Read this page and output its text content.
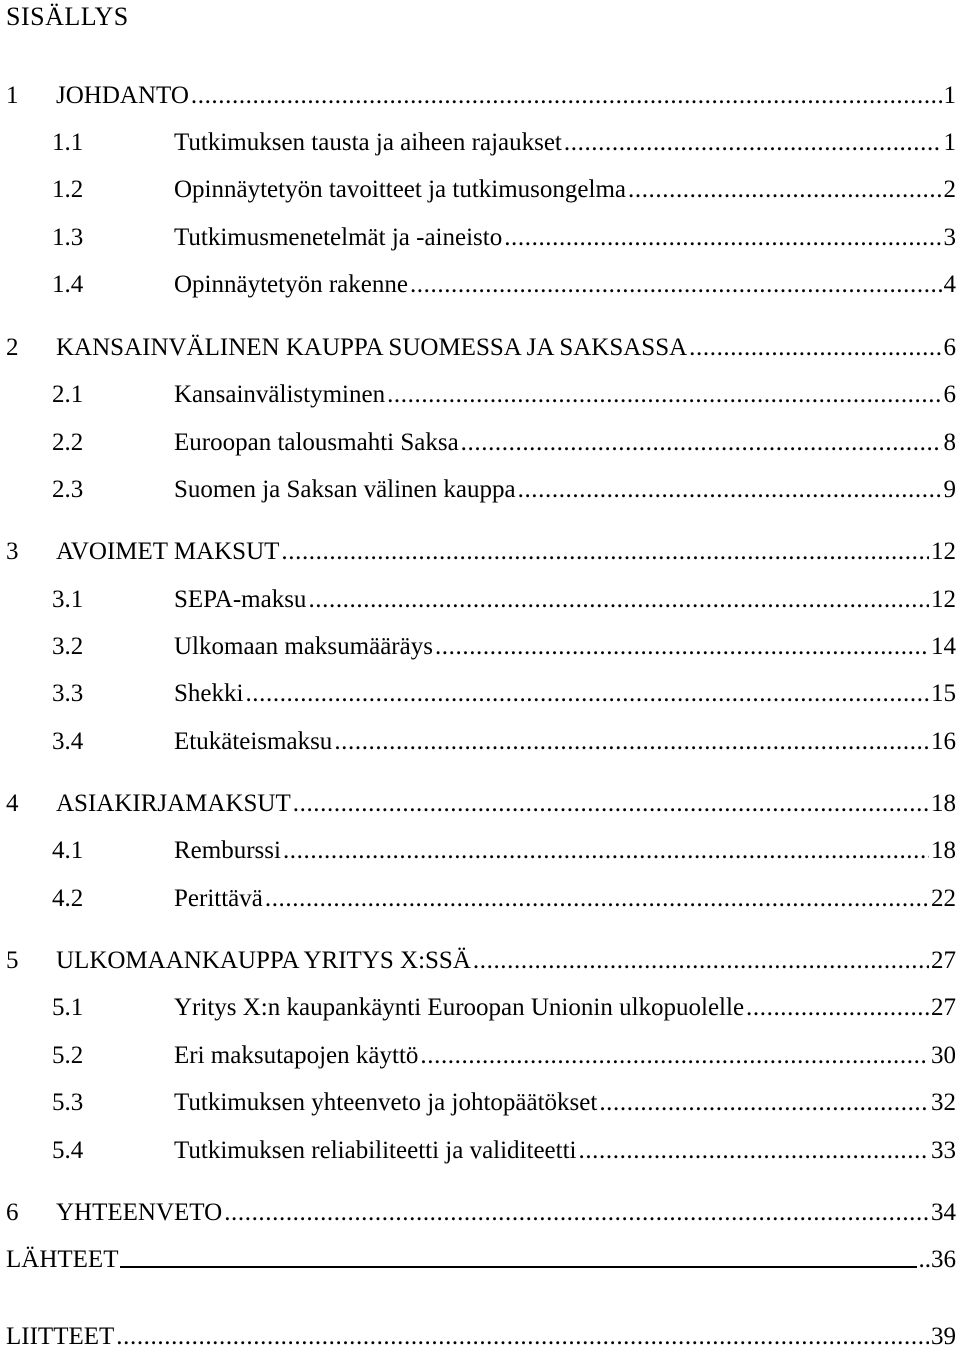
SISÄLLYS
1	JOHDANTO .....	1
1.1	Tutkimuksen tausta ja aiheen rajaukset .....	1
1.2	Opinnäytetyön tavoitteet ja tutkimusongelma .....	2
1.3	Tutkimusmenetelmät ja -aineisto .....	3
1.4	Opinnäytetyön rakenne .....	4
2	KANSAINVÄLINEN KAUPPA SUOMESSA JA SAKSASSA .....	6
2.1	Kansainvälistyminen .....	6
2.2	Euroopan talousmahti Saksa .....	8
2.3	Suomen ja Saksan välinen kauppa .....	9
3	AVOIMET MAKSUT .....	12
3.1	SEPA-maksu .....	12
3.2	Ulkomaan maksumääräys .....	14
3.3	Shekki .....	15
3.4	Etukäteismaksu .....	16
4	ASIAKIRJAMAKSUT .....	18
4.1	Remburssi .....	18
4.2	Perittävä .....	22
5	ULKOMAANKAUPPA YRITYS X:SSÄ .....	27
5.1	Yritys X:n kaupankäynti Euroopan Unionin ulkopuolelle .....	27
5.2	Eri maksutapojen käyttö .....	30
5.3	Tutkimuksen yhteenveto ja johtopäätökset .....	32
5.4	Tutkimuksen reliabiliteetti ja validiteetti .....	33
6	YHTEENVETO .....	34
LÄHTEET	..36
LIITTEET .....	39
